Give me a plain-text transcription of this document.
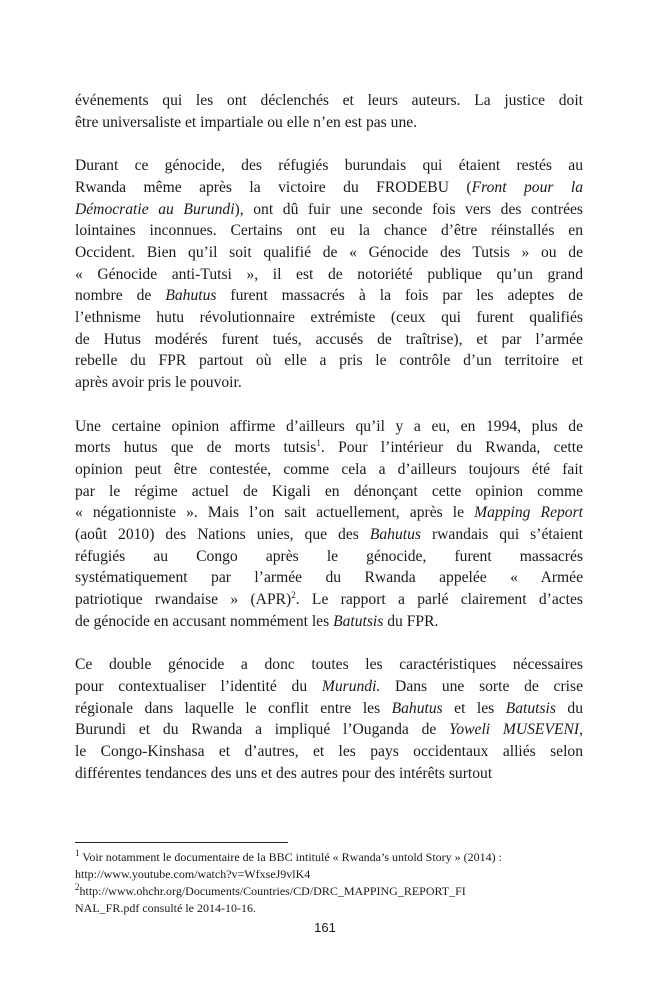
événements qui les ont déclenchés et leurs auteurs. La justice doit
être universaliste et impartiale ou elle n’en est pas une.
Durant ce génocide, des réfugiés burundais qui étaient restés au
Rwanda même après la victoire du FRODEBU (Front pour la
Démocratie au Burundi), ont dû fuir une seconde fois vers des contrées
lointaines inconnues. Certains ont eu la chance d’être réinstallés en
Occident. Bien qu’il soit qualifié de « Génocide des Tutsis » ou de
« Génocide anti-Tutsi », il est de notoriété publique qu’un grand
nombre de Bahutus furent massacrés à la fois par les adeptes de
l’ethnisme hutu révolutionnaire extrémiste (ceux qui furent qualifiés
de Hutus modérés furent tués, accusés de traîtrise), et par l’armée
rebelle du FPR partout où elle a pris le contrôle d’un territoire et
après avoir pris le pouvoir.
Une certaine opinion affirme d’ailleurs qu’il y a eu, en 1994, plus de
morts hutus que de morts tutsis$^1$. Pour l’intérieur du Rwanda, cette
opinion peut être contestée, comme cela a d’ailleurs toujours été fait
par le régime actuel de Kigali en dénonçant cette opinion comme
« négationniste ». Mais l’on sait actuellement, après le Mapping Report
(août 2010) des Nations unies, que des Bahutus rwandais qui s’étaient
réfugiés au Congo après le génocide, furent massacrés
systématiquement par l’armée du Rwanda appelée « Armée
patriotique rwandaise » (APR)$^2$. Le rapport a parlé clairement d’actes
de génocide en accusant nommément les Batutsis du FPR.
Ce double génocide a donc toutes les caractéristiques nécessaires
pour contextualiser l’identité du Murundi. Dans une sorte de crise
régionale dans laquelle le conflit entre les Bahutus et les Batutsis du
Burundi et du Rwanda a impliqué l’Ouganda de Yoweli MUSEVENI,
le Congo-Kinshasa et d’autres, et les pays occidentaux alliés selon
différentes tendances des uns et des autres pour des intérêts surtout
$^1$ Voir notamment le documentaire de la BBC intitulé « Rwanda’s untold Story » (2014) :
http://www.youtube.com/watch?v=WfxseJ9vlK4
$^2$http://www.ohchr.org/Documents/Countries/CD/DRC_MAPPING_REPORT_FI
NAL_FR.pdf consulté le 2014-10-16.
161
